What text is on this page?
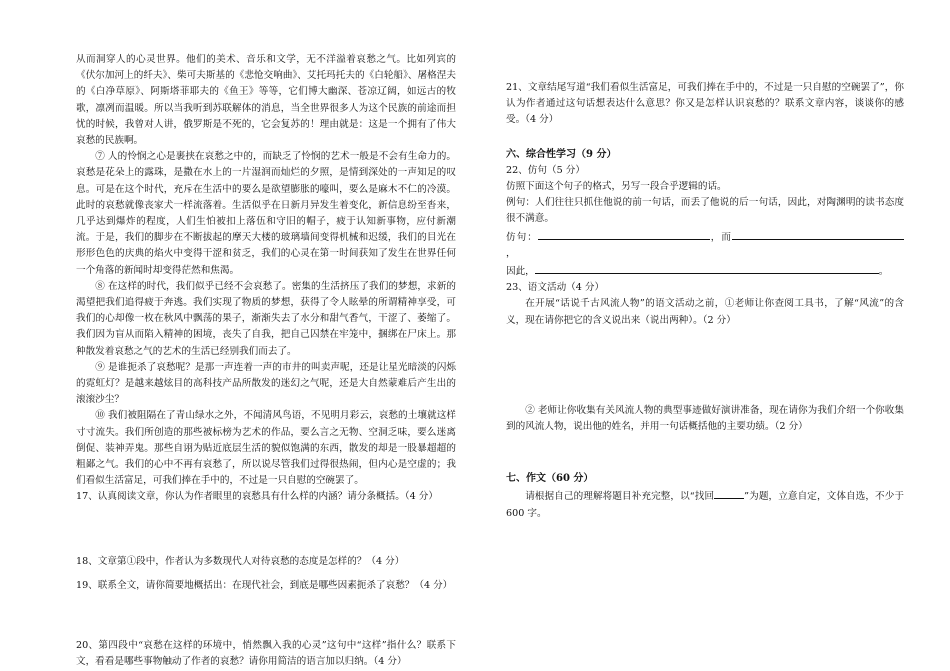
从而洞穿人的心灵世界。他们的美术、音乐和文学，无不洋溢着哀愁之气。比如列宾的《伏尔加河上的纤夫》、柴可夫斯基的《悲怆交响曲》、艾托玛托夫的《白轮船》、屠格涅夫的《白净草原》、阿斯塔菲耶夫的《鱼王》等等，它们博大幽深、苍凉辽阔，如远古的牧歌，凛冽而温暖。所以当我听到苏联解体的消息，当全世界很多人为这个民族的前途而担忧的时候，我曾对人讲，俄罗斯是不死的，它会复苏的！理由就是：这是一个拥有了伟大哀愁的民族啊。

⑦ 人的怜悯之心是裹挟在哀愁之中的，而缺乏了怜悯的艺术一般是不会有生命力的。哀愁是花朵上的露珠，是撒在水上的一片湿润而灿烂的夕照，是情到深处的一声知足的叹息。可是在这个时代，充斥在生活中的要么是欲望膨胀的嚎叫，要么是麻木不仁的冷漠。此时的哀愁就像丧家犬一样流落着。生活似乎在日新月异发生着变化，新信息纷至沓来，几乎达到爆炸的程度，人们生怕被扣上落伍和守旧的帽子，疲于认知新事物，应付新潮流。于是，我们的脚步在不断拔起的摩天大楼的玻璃墙间变得机械和迟缓，我们的目光在形形色色的庆典的焰火中变得干涩和贫乏，我们的心灵在第一时间获知了发生在世界任何一个角落的新闻时却变得茫然和焦渴。

⑧ 在这样的时代，我们似乎已经不会哀愁了。密集的生活挤压了我们的梦想，求新的渴望把我们追得疲于奔逃。我们实现了物质的梦想，获得了令人眩晕的所谓精神享受，可我们的心却像一枚在秋风中飘荡的果子，渐渐失去了水分和甜气香气，干涩了、萎缩了。我们因为盲从而陷入精神的困境，丧失了自我，把自己囚禁在牢笼中，捆绑在尸床上。那种散发着哀愁之气的艺术的生活已经别我们而去了。

⑨ 是谁扼杀了哀愁呢？是那一声连着一声的市井的叫卖声呢，还是让星光暗淡的闪烁的霓虹灯？是越来越炫目的高科技产品所散发的迷幻之气呢，还是大自然蒙难后产生出的滚滚沙尘？

⑩ 我们被阻隔在了青山绿水之外，不闻清风鸟语，不见明月彩云，哀愁的土壤就这样寸寸流失。我们所创造的那些被标榜为艺术的作品，要么言之无物、空洞乏味，要么迷离倒促、装神弄鬼。那些自诩为贴近底层生活的貌似饱满的东西，散发的却是一股暴超超的粗鄙之气。我们的心中不再有哀愁了，所以说尽管我们过得很热闹，但内心是空虚的；我们看似生活富足，可我们捧在手中的，不过是一只自慰的空碗罢了。

17、认真阅读文章，你认为作者眼里的哀愁具有什么样的内涵？请分条概括。（4 分）

18、文章第①段中，作者认为多数现代人对待哀愁的态度是怎样的？（4 分）

19、联系全文，请你简要地概括出：在现代社会，到底是哪些因素扼杀了哀愁？（4 分）

20、第四段中“哀愁在这样的环境中，悄然飘入我的心灵”这句中“这样”指什么？联系下文，看看是哪些事物触动了作者的哀愁？请你用简洁的语言加以归纳。（4 分）

21、文章结尾写道“我们看似生活富足，可我们捧在手中的，不过是一只自慰的空碗罢了”，你认为作者通过这句话想表达什么意思？你又是怎样认识哀愁的？联系文章内容，谈谈你的感受。（4 分）

六、综合性学习（9 分）

22、仿句（5 分）

仿照下面这个句子的格式，另写一段合乎逻辑的话。

例句：人们往往只抓住他说的前一句话，而丢了他说的后一句话，因此，对陶渊明的读书态度很不满意。

仿句：	，而，

因此，	。

23、语文活动（4 分）

在开展“话说千古风流人物”的语文活动之前，①老师让你查阅工具书，了解“风流”的含义，现在请你把它的含义说出来（说出两种）。（2 分）

② 老师让你收集有关风流人物的典型事迹做好演讲准备，现在请你为我们介绍一个你收集到的风流人物，说出他的姓名，并用一句话概括他的主要功绩。（2 分）

七、作文（60 分）

请根据自己的理解将题目补充完整，以“找回	”为题，立意自定，文体自选，不少于 600 字。
